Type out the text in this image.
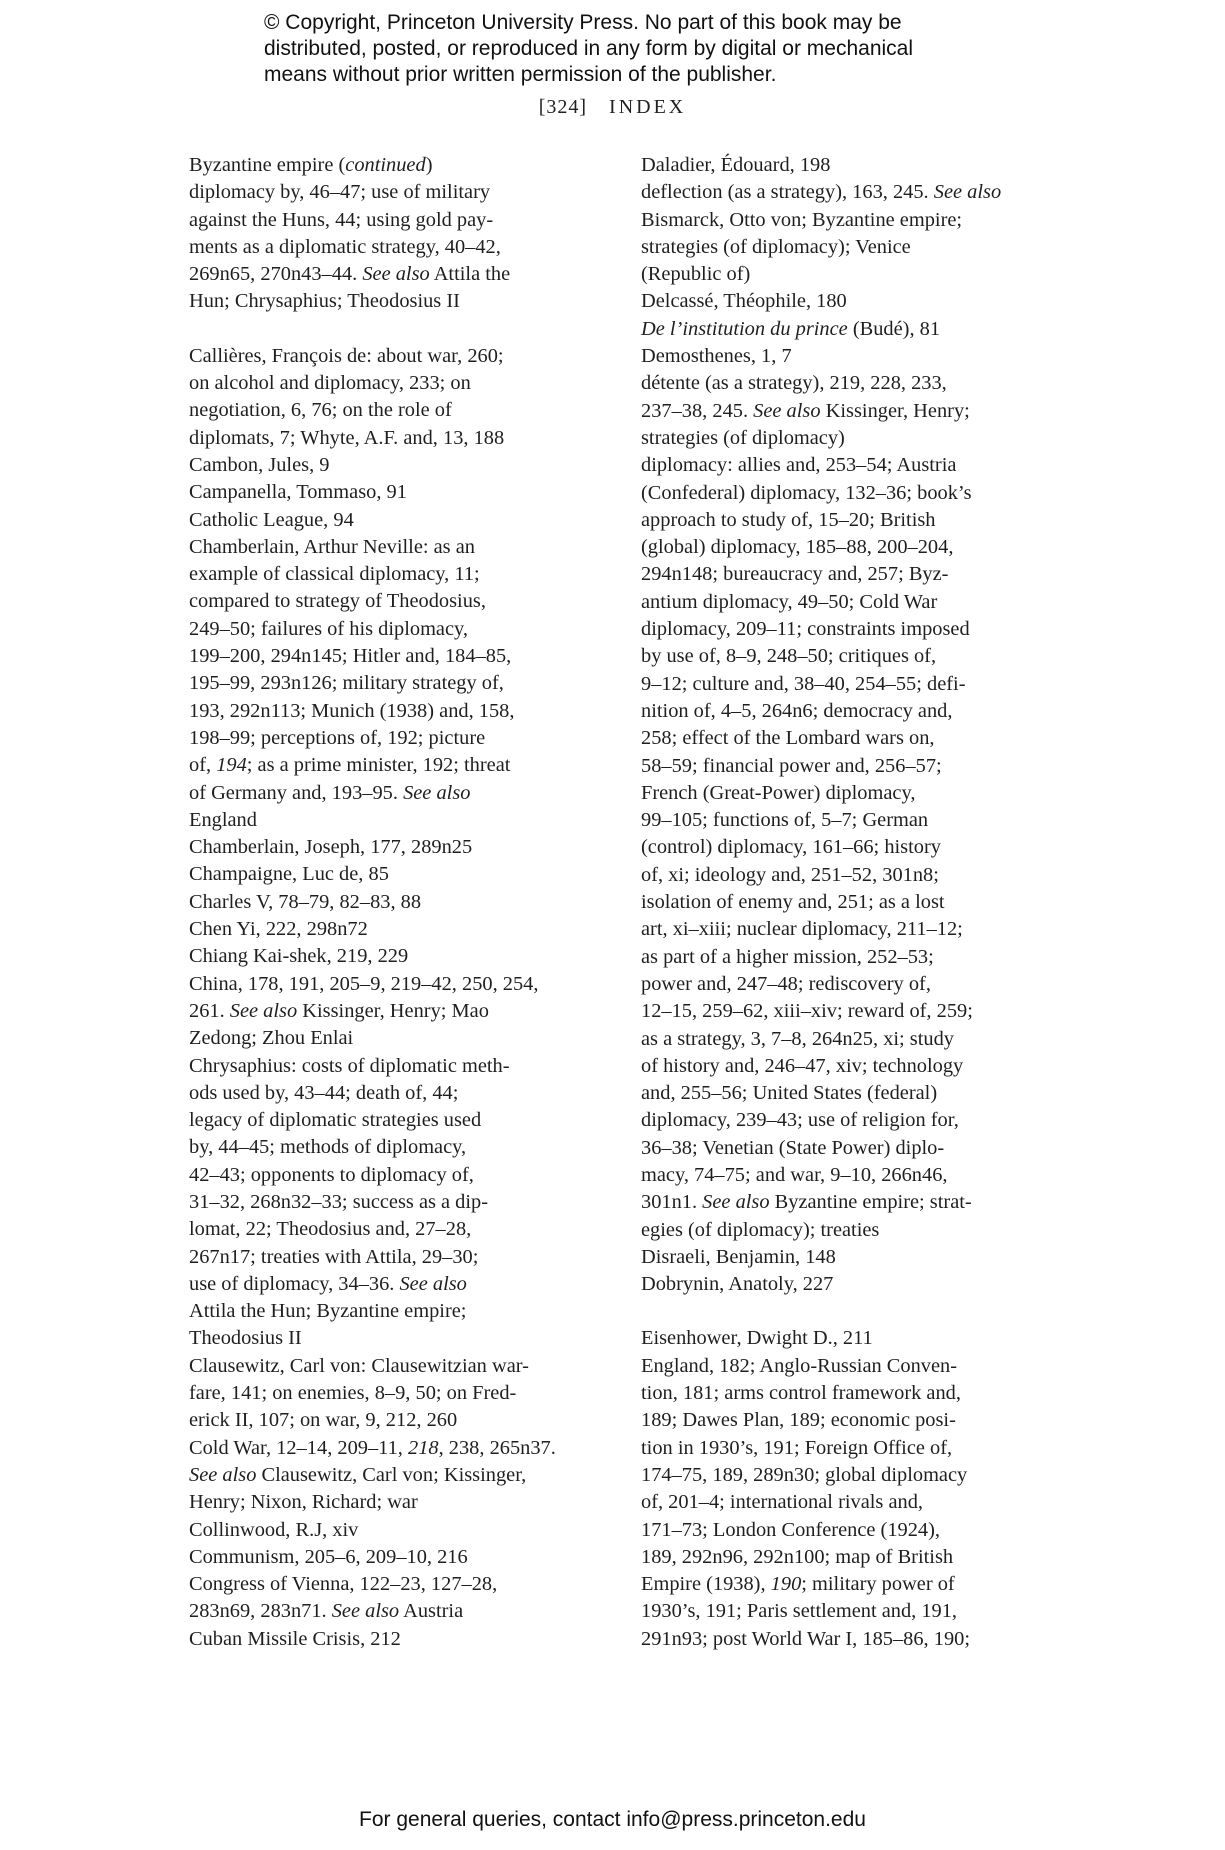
© Copyright, Princeton University Press. No part of this book may be
distributed, posted, or reproduced in any form by digital or mechanical
means without prior written permission of the publisher.
[324] INDEX
Byzantine empire (continued)
diplomacy by, 46–47; use of military
against the Huns, 44; using gold pay-
ments as a diplomatic strategy, 40–42,
269n65, 270n43–44. See also Attila the
Hun; Chrysaphius; Theodosius II
Callières, François de: about war, 260;
on alcohol and diplomacy, 233; on
negotiation, 6, 76; on the role of
diplomats, 7; Whyte, A.F. and, 13, 188
Cambon, Jules, 9
Campanella, Tommaso, 91
Catholic League, 94
Chamberlain, Arthur Neville: as an
example of classical diplomacy, 11;
compared to strategy of Theodosius,
249–50; failures of his diplomacy,
199–200, 294n145; Hitler and, 184–85,
195–99, 293n126; military strategy of,
193, 292n113; Munich (1938) and, 158,
198–99; perceptions of, 192; picture
of, 194; as a prime minister, 192; threat
of Germany and, 193–95. See also
England
Chamberlain, Joseph, 177, 289n25
Champaigne, Luc de, 85
Charles V, 78–79, 82–83, 88
Chen Yi, 222, 298n72
Chiang Kai-shek, 219, 229
China, 178, 191, 205–9, 219–42, 250, 254,
261. See also Kissinger, Henry; Mao
Zedong; Zhou Enlai
Chrysaphius: costs of diplomatic meth-
ods used by, 43–44; death of, 44;
legacy of diplomatic strategies used
by, 44–45; methods of diplomacy,
42–43; opponents to diplomacy of,
31–32, 268n32–33; success as a dip-
lomat, 22; Theodosius and, 27–28,
267n17; treaties with Attila, 29–30;
use of diplomacy, 34–36. See also
Attila the Hun; Byzantine empire;
Theodosius II
Clausewitz, Carl von: Clausewitzian war-
fare, 141; on enemies, 8–9, 50; on Fred-
erick II, 107; on war, 9, 212, 260
Cold War, 12–14, 209–11, 218, 238, 265n37.
See also Clausewitz, Carl von; Kissinger,
Henry; Nixon, Richard; war
Collinwood, R.J, xiv
Communism, 205–6, 209–10, 216
Congress of Vienna, 122–23, 127–28,
283n69, 283n71. See also Austria
Cuban Missile Crisis, 212
Daladier, Édouard, 198
deflection (as a strategy), 163, 245. See also
Bismarck, Otto von; Byzantine empire;
strategies (of diplomacy); Venice
(Republic of)
Delcassé, Théophile, 180
De l’institution du prince (Budé), 81
Demosthenes, 1, 7
détente (as a strategy), 219, 228, 233,
237–38, 245. See also Kissinger, Henry;
strategies (of diplomacy)
diplomacy: allies and, 253–54; Austria
(Confederal) diplomacy, 132–36; book’s
approach to study of, 15–20; British
(global) diplomacy, 185–88, 200–204,
294n148; bureaucracy and, 257; Byz-
antium diplomacy, 49–50; Cold War
diplomacy, 209–11; constraints imposed
by use of, 8–9, 248–50; critiques of,
9–12; culture and, 38–40, 254–55; defi-
nition of, 4–5, 264n6; democracy and,
258; effect of the Lombard wars on,
58–59; financial power and, 256–57;
French (Great-Power) diplomacy,
99–105; functions of, 5–7; German
(control) diplomacy, 161–66; history
of, xi; ideology and, 251–52, 301n8;
isolation of enemy and, 251; as a lost
art, xi–xiii; nuclear diplomacy, 211–12;
as part of a higher mission, 252–53;
power and, 247–48; rediscovery of,
12–15, 259–62, xiii–xiv; reward of, 259;
as a strategy, 3, 7–8, 264n25, xi; study
of history and, 246–47, xiv; technology
and, 255–56; United States (federal)
diplomacy, 239–43; use of religion for,
36–38; Venetian (State Power) diplo-
macy, 74–75; and war, 9–10, 266n46,
301n1. See also Byzantine empire; strat-
egies (of diplomacy); treaties
Disraeli, Benjamin, 148
Dobrynin, Anatoly, 227
Eisenhower, Dwight D., 211
England, 182; Anglo-Russian Conven-
tion, 181; arms control framework and,
189; Dawes Plan, 189; economic posi-
tion in 1930’s, 191; Foreign Office of,
174–75, 189, 289n30; global diplomacy
of, 201–4; international rivals and,
171–73; London Conference (1924),
189, 292n96, 292n100; map of British
Empire (1938), 190; military power of
1930’s, 191; Paris settlement and, 191,
291n93; post World War I, 185–86, 190;
For general queries, contact info@press.princeton.edu
